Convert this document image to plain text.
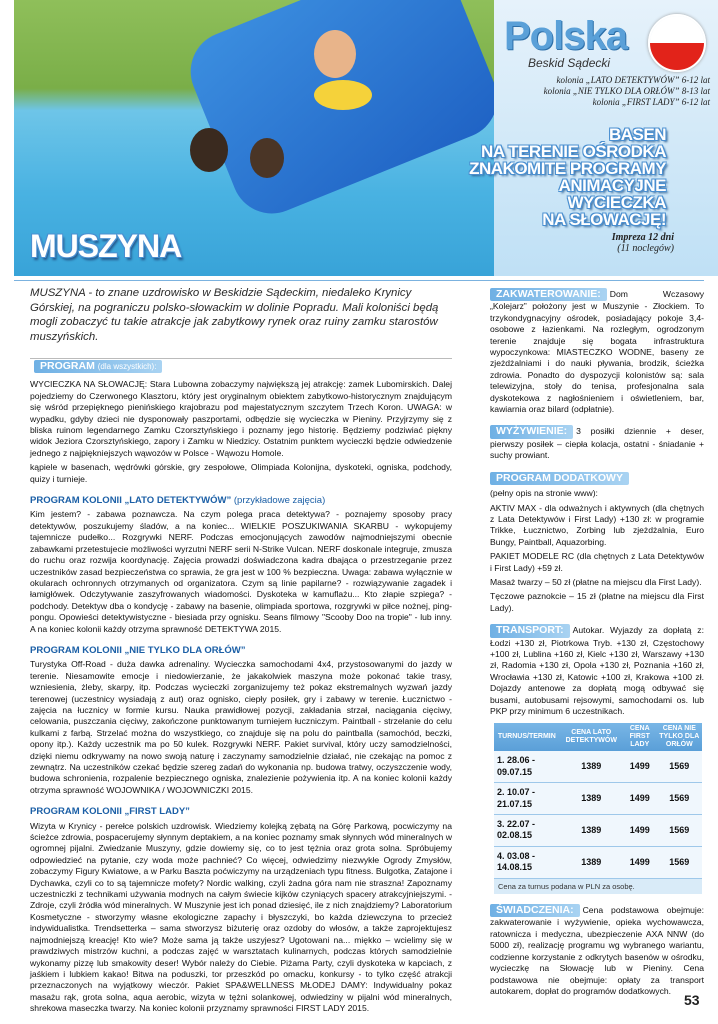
Polska
Beskid Sądecki
kolonia „LATO DETEKTYWÓW” 6-12 lat
kolonia „NIE TYLKO DLA ORŁÓW” 8-13 lat
kolonia „FIRST LADY” 6-12 lat
BASEN
NA TERENIE OŚRODKA
ZNAKOMITE PROGRAMY
ANIMACYJNE
WYCIECZKA
NA SŁOWACJĘ!
MUSZYNA	Impreza 12 dni
(11 noclegów)
MUSZYNA - to znane uzdrowisko w Beskidzie Sądeckim, niedaleko Krynicy Górskiej, na pograniczu polsko-słowackim w dolinie Popradu. Mali koloniści będą mogli zobaczyć tu takie atrakcje jak zabytkowy rynek oraz ruiny zamku starostów muszyńskich.
PROGRAM (dla wszystkich):

WYCIECZKA NA SŁOWACJĘ: Stara Lubowna zobaczymy największą jej atrakcję: zamek Lubomirskich. Dalej pojedziemy do Czerwonego Klasztoru, który jest oryginalnym obiektem zabytkowo-historycznym znajdującym się wśród przepięknego pienińskiego krajobrazu pod majestatycznym szczytem Trzech Koron. UWAGA: w wypadku, gdyby dzieci nie dysponowały paszportami, odbędzie się wycieczka w Pieniny. Przyjrzymy się z bliska ruinom legendarnego Zamku Czorsztyńskiego i poznamy jego historię. Będziemy podziwiać piękny widok Jeziora Czorsztyńskiego, zapory i Zamku w Niedzicy. Ostatnim punktem wycieczki będzie odwiedzenie jednego z najpiękniejszych wąwozów w Polsce - Wąwozu Homole.

kąpiele w basenach, wędrówki górskie, gry zespołowe, Olimpiada Kolonijna, dyskoteki, ogniska, podchody, quizy i turnieje.

PROGRAM KOLONII „LATO DETEKTYWÓW” (przykładowe zajęcia)

Kim jestem? - zabawa poznawcza. Na czym polega praca detektywa? - poznajemy sposoby pracy detektywów, poszukujemy śladów, a na koniec... WIELKIE POSZUKIWANIA SKARBU - wykopujemy tajemnicze pudełko... Rozgrywki NERF. Podczas emocjonujących zawodów najmodniejszymi obecnie zabawkami przetestujecie możliwości wyrzutni NERF serii N-Strike Vulcan. NERF doskonale integruje, zmusza do ruchu oraz rozwija koordynację. Zajęcia prowadzi doświadczona kadra dbająca o przestrzeganie przez uczestników zasad bezpieczeństwa co sprawia, że gra jest w 100 % bezpieczna. Uwaga: zabawa wyłącznie w okularach ochronnych otrzymanych od organizatora. Czym są linie papilarne? - rozwiązywanie zagadek i łamigłówek. Odczytywanie zaszyfrowanych wiadomości. Dyskoteka w kamuflażu... Kto złapie szpiega? - podchody. Detektyw dba o kondycję - zabawy na basenie, olimpiada sportowa, rozgrywki w piłce nożnej, ping-pongu. Opowieści detektywistyczne - biesiada przy ognisku. Seans filmowy "Scooby Doo na tropie" - lub inny. A na koniec kolonii każdy otrzyma sprawność DETEKTYWA 2015.

PROGRAM KOLONII „NIE TYLKO DLA ORŁÓW”

Turystyka Off-Road - duża dawka adrenaliny. Wycieczka samochodami 4x4, przystosowanymi do jazdy w terenie. Niesamowite emocje i niedowierzanie, że jakakolwiek maszyna może pokonać takie trasy, wzniesienia, żleby, skarpy, itp. Podczas wycieczki zorganizujemy też pokaz ekstremalnych wyzwań jazdy terenowej (uczestnicy wysiadają z aut) oraz ognisko, ciepły posiłek, gry i zabawy w terenie. Łucznictwo - zajęcia na łucznicy w formie kursu. Nauka prawidłowej pozycji, zakładania strzał, naciągania cięciwy, celowania, puszczania cięciwy, zakończone punktowanym turniejem łuczniczym. Paintball - strzelanie do celu kulkami z farbą. Strzelać można do wszystkiego, co znajduje się na polu do paintballa (samochód, beczki, opony itp.). Każdy uczestnik ma po 50 kulek. Rozgrywki NERF. Pakiet survival, który uczy samodzielności, dzięki niemu odkrywamy na nowo swoją naturę i zaczynamy samodzielnie działać, nie czekając na pomoc z zewnątrz. Na uczestników czekać będzie szereg zadań do wykonania np. budowa tratwy, oczyszczenie wody, budowa schronienia, rozpalenie bezpiecznego ogniska, znalezienie pożywienia itp. A na koniec kolonii każdy otrzyma sprawność WOJOWNIKA / WOJOWNICZKI 2015.

PROGRAM KOLONII „FIRST LADY”

Wizyta w Krynicy - perełce polskich uzdrowisk. Wiedziemy kolejką zębatą na Górę Parkową, pocwiczymy na ścieżce zdrowia, pospacerujemy słynnym deptakiem, a na koniec poznamy smak słynnych wód mineralnych w ogromnej pijalni. Zwiedzanie Muszyny, gdzie dowiemy się, co to jest tężnia oraz grota solna. Spróbujemy odpowiedzieć na pytanie, czy woda może pachnieć? Co więcej, odwiedzimy niezwykłe Ogrody Zmysłów, zobaczymy Figury Kwiatowe, a w Parku Baszta poćwiczymy na urządzeniach typu fitness. Bulgotka, Zatajone i Dychawka, czyli co to są tajemnicze mofety? Nordic walking, czyli żadna góra nam nie straszna! Zapoznamy uczestniczki z technikami używania modnych na całym świecie kijków czyniących spacery atrakcyjniejszymi. - Zdroje, czyli źródła wód mineralnych. W Muszynie jest ich ponad dziesięć, ile z nich znajdziemy? Laboratorium Kosmetyczne - stworzymy własne ekologiczne zapachy i błyszczyki, bo każda dziewczyna to przecież indywidualistka. Trendsetterka – sama stworzysz biżuterię oraz ozdoby do włosów, a także zaprojektujesz najmodniejszą kreację! Kto wie? Może sama ją także uszyjesz? Ugotowani na... miękko – wcielimy się w prawdziwych mistrzów kuchni, a podczas zajęć w warsztatach kulinarnych, podczas których samodzielnie wykonamy pizzę lub smakowity deser! Wybór należy do Ciebie. Piżama Party, czyli dyskoteka w kapciach, z jaśkiem i lubkiem kakao! Bitwa na poduszki, tor przeszkód po omacku, konkursy - to tylko część atrakcji przeznaczonych na wyjątkowy wieczór. Pakiet SPA&WELLNESS MŁODEJ DAMY: Indywidualny pokaz masażu rąk, grota solna, aqua aerobic, wizyta w tężni solankowej, odwiedziny w pijalni wód mineralnych, shrekowa maseczka twarzy. Na koniec kolonii przyznamy sprawności FIRST LADY 2015.

ZAKWATEROWANIE: Dom Wczasowy „Kolejarz” położony jest w Muszynie - Złockiem. To trzykondygnacyjny ośrodek, posiadający pokoje 3,4-osobowe z łazienkami. Na rozległym, ogrodzonym terenie znajduje się bogata infrastruktura wypoczynkowa: MIASTECZKO WODNE, baseny ze zjeżdżalniami i do nauki pływania, brodzik, ścieżka zdrowia. Ponadto do dyspozycji kolonistów są: sala telewizyjna, stoły do tenisa, profesjonalna sala dyskotekowa z nagłośnieniem i oświetleniem, bar, kawiarnia oraz bilard (odpłatnie).

WYŻYWIENIE: 3 posiłki dziennie + deser, pierwszy posiłek – ciepła kolacja, ostatni - śniadanie + suchy prowiant.

PROGRAM DODATKOWY

(pełny opis na stronie www):

AKTIV MAX - dla odważnych i aktywnych (dla chętnych z Lata Detektywów i First Lady) +130 zł: w programie Trikke, Łucznictwo, Zorbing lub zjeżdżalnia, Euro Bungy, Paintball, Aquazorbing.

PAKIET MODELE RC (dla chętnych z Lata Detektywów i First Lady) +59 zł.

Masaż twarzy – 50 zł (płatne na miejscu dla First Lady).

Tęczowe paznokcie – 15 zł (płatne na miejscu dla First Lady).

TRANSPORT: Autokar. Wyjazdy za dopłatą z: Łodzi +130 zł, Piotrkowa Tryb. +130 zł, Częstochowy +100 zł, Lublina +160 zł, Kielc +130 zł, Warszawy +130 zł, Radomia +130 zł, Opola +130 zł, Poznania +160 zł, Wrocławia +130 zł, Katowic +100 zł, Krakowa +100 zł. Dojazdy antenowe za dopłatą mogą odbywać się busami, autobusami rejsowymi, samochodami os. lub PKP przy minimum 6 uczestnikach.

TURNUS/TERMIN	CENA LATO DETEKTYWÓW	CENA FIRST LADY	CENA NIE TYLKO DLA ORŁÓW
1. 28.06 - 09.07.15	1389	1499	1569
2. 10.07 - 21.07.15	1389	1499	1569
3. 22.07 - 02.08.15	1389	1499	1569
4. 03.08 - 14.08.15	1389	1499	1569
Cena za turnus podana w PLN za osobę.

ŚWIADCZENIA: Cena podstawowa obejmuje: zakwaterowanie i wyżywienie, opieka wychowawcza, ratownicza i medyczna, ubezpieczenie AXA NNW (do 5000 zł), realizację programu wg wybranego wariantu, codzienne korzystanie z odkrytych basenów w ośrodku, wycieczkę na Słowację lub w Pieniny. Cena podstawowa nie obejmuje: opłaty za transport autokarem, dopłat do programów dodatkowych.

53
